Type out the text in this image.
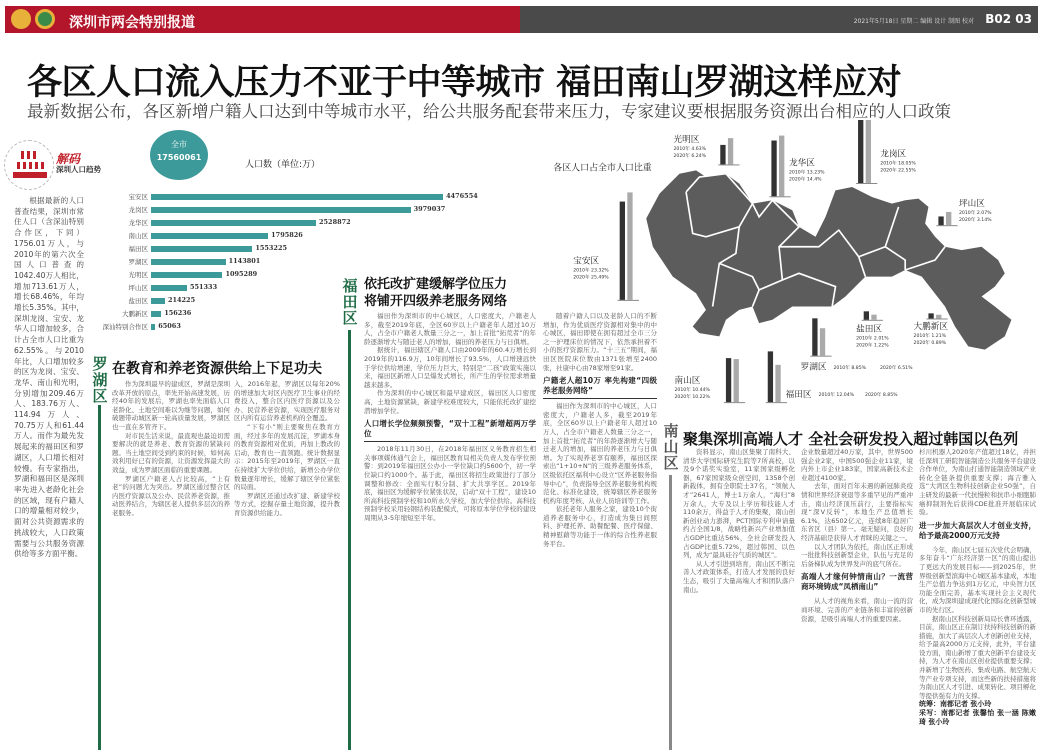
深圳市两会特别报道	2021年5月18日 星期二 编辑 设计 制图 校对 B02 03
各区人口流入压力不亚于中等城市 福田南山罗湖这样应对
最新数据公布，各区新增户籍人口达到中等城市水平，给公共服务配套带来压力，专家建议要根据服务资源出台相应的人口政策
解码
深圳人口趋势

根据最新的人口普查结果，深圳市常住人口（含深汕特别合作区，下同）1756.01万人，与2010年的第六次全国人口普查的1042.40万人相比，增加713.61万人，增长68.46%，年均增长5.35%。其中，深圳龙岗、宝安、龙华人口增加较多，合计占全市人口比重为62.55%。与2010年比，人口增加较多的区为龙岗、宝安、龙华、南山和光明，分别增加209.46万人、183.76万人、114.94万人、70.75万人和61.44万人。而作为最先发展起来的福田区和罗湖区，人口增长相对较慢。有专家指出，罗湖和福田区是深圳率先进入老龄化社会的区域，现有户籍人口的增量相对较少，面对公共资源需求的挑战较大，人口政策需要与公共服务资源供给等多方面平衡。

全市
17560061
人口数（单位:万）
宝安区	4476554
龙岗区	3979037
龙华区	2528872
南山区	1795826
福田区	1553225
罗湖区	1143801
光明区	1095289
坪山区	551333
盐田区	214225
大鹏新区 156236
深汕特别合作区 65063
罗湖区
在教育和养老资源供给上下足功夫

作为深圳最早的建成区，罗湖是深圳改革开放的原点，率先开始高速发展，历经40年的发展后，罗湖也率先面临人口老龄化、土地空间难以为继等问题，如何破题带动城区新一轮高质量发展，罗湖区也一直在多管齐下。

对市民生活来说，最直观也最迫切需要解决的就是养老、教育资源的紧缺问题。当土地空间受到约束的时候，如何高效利用好已有的资源，让资源发挥最大的效益，成为罗湖区面临的重要课题。

罗湖区户籍老人占比较高，“上有老”的问题尤为突出。罗湖区通过整合区内医疗资源以及公办、民营养老资源，推动医养结合，为辖区老人提供多层次的养老服务。

入，2016年起，罗湖区以每年20%的增速加大对区内医疗卫生事业的经费投入，整合区内医疗资源以及公办、民营养老资源，实现医疗服务对区内所有运营养老机构的全覆盖。

“下有小”则主要聚焦在教育方面，经过多年的发展沉淀，罗湖本身的教育资源相对优质，再加上教改的启动，教育也一直领跑。统计数据显示：2015年至2019年，罗湖区一直在持续扩大学位供给，新增公办学位数量逐年增长，缓解了辖区学位紧张的局面。

罗湖区还通过改扩建、新建学校等方式，挖掘存量土地资源，提升教育资源供给能力。

福田区
依托改扩建缓解学位压力
将铺开四级养老服务网络

福田作为深圳市的中心城区，人口密度大，户籍老人多，截至2019年底，全区60岁以上户籍老年人超过10万人，占全市户籍老人数量三分之一，加上首批“拓荒者”的年龄逐渐增大与随迁老人的增加，福田的养老压力与日俱增。

据统计，福田辖区户籍人口由2009年的60.4万增长到2019年的116.9万，10年间增长了93.5%，人口增速远快于学位供给增速，学位压力巨大，特别是“二孩”政策实施以来，福田区新增人口呈爆发式增长，所产生的学位需求增量越来越多。

作为深圳的中心城区和最早建成区，福田区人口密度高，土地资源紧缺，新建学校难度较大，只能依托改扩建挖潜增加学位。

人口增长学位频频预警，“双十工程”新增超两万学位

2018年11月30日，在2018年福田区义务教育招生相关事项媒体通气会上，福田区教育局相关负责人发布学位预警：到2019年福田区公办小一学位缺口约5600个，初一学位缺口约1000个。基于此，福田区将招生政策进行了部分调整和修改：全面实行积分制、扩大共享学区。2019年底，福田区为缓解学位紧张状况，启动“双十工程”，建设10所高科技预制学校和10所永久学校，加大学位供给。高科技预制学校采用轻钢结构装配模式，可将原本学位学校的建设周期从3-5年缩短至半年。

随着户籍人口以及老龄人口的不断增加，作为优质医疗资源相对集中的中心城区，福田即使在拥有超过全市三分之一护理床位的情况下，依然承担着不小的医疗资源压力。“十三五”期间，福田区医院床位数由1371张增至2400张，社康中心由78家增至91家。

户籍老人超10万 率先构建“四级养老服务网络”

福田作为深圳市的中心城区，人口密度大，户籍老人多，截至2019年底，全区60岁以上户籍老年人超过10万人，占全市户籍老人数量三分之一，加上首批“拓荒者”的年龄逐渐增大与随迁老人的增加，福田的养老压力与日俱增。为了实现养老享有颐养，福田区探索出“1+10+N”的三级养老服务体系，区级依托区福利中心设立“区养老服务指导中心”，负责指导全区养老服务机构规范化、标准化建设，统筹辖区养老服务机构年度考核、从业人员培训等工作。

依托老年人服务之家，建设10个街道养老服务中心，打造成为集日间照料、护理托养、助餐配餐、医疗保健、精神慰藉等功能于一体的综合性养老服务平台。

各区人口占全市人口比重
光明区
2010年 4.63%
2020年 6.24%
龙华区
2010年 13.23%
2020年 14.4%
龙岗区
2010年 18.05%
2020年 22.55%
坪山区
2010年 2.07%
2020年 3.14%
宝安区
2010年 23.32%
2020年 25.49%
盐田区
2010年 2.01%
2020年 1.22%
大鹏新区
2010年 1.21%
2020年 0.89%
罗湖区 2010年 8.85% 2020年 6.51%
南山区
2010年 10.44%
2020年 10.22%	福田区 2010年 12.04% 2020年 8.85%
南山区
聚集深圳高端人才 全社会研发投入超过韩国以色列

资料显示，南山区集聚了南科大、清华大学国际研究生院等7所高校，以及9个诺奖实验室，11家国家级孵化器，67家国家级众创空间，1358个创新载体，拥有全职院士37名，“领航人才”2641人，博士1万余人，“海归”8万余人，大专及以上学历和技能人才110余万，得益于人才的集聚，南山创新创业动力澎湃，PCT国际专利申请量约占全国1/8，战略性新兴产业增加值占GDP比重达56%，全社会研发投入占GDP比重5.72%，超过韩国、以色列，成为“最具硅谷气质的城区”。

从人才引进到培育，南山区不断完善人才政策体系，打造人才发展的良好生态，吸引了大量高端人才和团队落户南山。

企业数量超过40万家，其中，世界500强企业2家，中国500强企业11家，境内外上市企业183家，国家高新技术企业超过4100家。

去年，面对百年未遇的新冠肺炎疫情和世界经济衰退等多重罕见的严重冲击，南山经济顶压前行，主要指标实现“深V反转”，本地生产总值增长6.1%，达6502亿元，连续8年稳居广东省区（县）第一。毫无疑问，良好的经济基础是获得人才青睐的关键之一。

以人才团队为依托，南山区正形成一批批科技创新型企业，队伍与充足的后备梯队成为世界发声的底气所在。

高端人才缘何钟情南山？一流营商环境铸成“凤栖南山”

从人才的视角来看，南山一流的营商环境、完善的产业链条和丰富的创新资源，是吸引高端人才的重要因素。

杉川机器人2020年产值超过18亿，并担任深圳工研院智能制造公共服务平台建设合作单位，为南山打通智能制造领域产业转化全链条提供重要支撑；海吉雅入选“大湾区生物科技创新企业50强”，自主研发的最新一代抗慢粒和抗串小细胞肺癌抑制剂先后获得CDE批准开展临床试验。

进一步加大高层次人才创业支持，给予最高2000万元支持

今年，南山区七届五次党代会明确，多年奋斗“广东经济第一区”的南山提出了更远大的发展目标——到2025年，世界级创新型滨海中心城区基本建成，本地生产总值力争达到1万亿元，中央智力区功能全面完善，基本实现社会主义现代化，成为深圳建成现代化国际化创新型城市的先行区。

据南山区科技创新局局长曹环透露，目前，南山区正在制订扶持科技创新的新措施，加大了高层次人才创新创业支持，给予最高2000万元支持，此外，平台建设方面，南山新增了重大创新平台建设支持，为人才在南山区创业提供重要支撑；并新增了生物医药、集成电路、航空航天等产业专项支持，而这些新的扶持措施将为南山区人才引进、成果转化、项目孵化等提供强有力的支撑。

统筹：南都记者 张小玲

采写：南都记者 张馨怡 张一涵 陈嫩琦 张小玲
